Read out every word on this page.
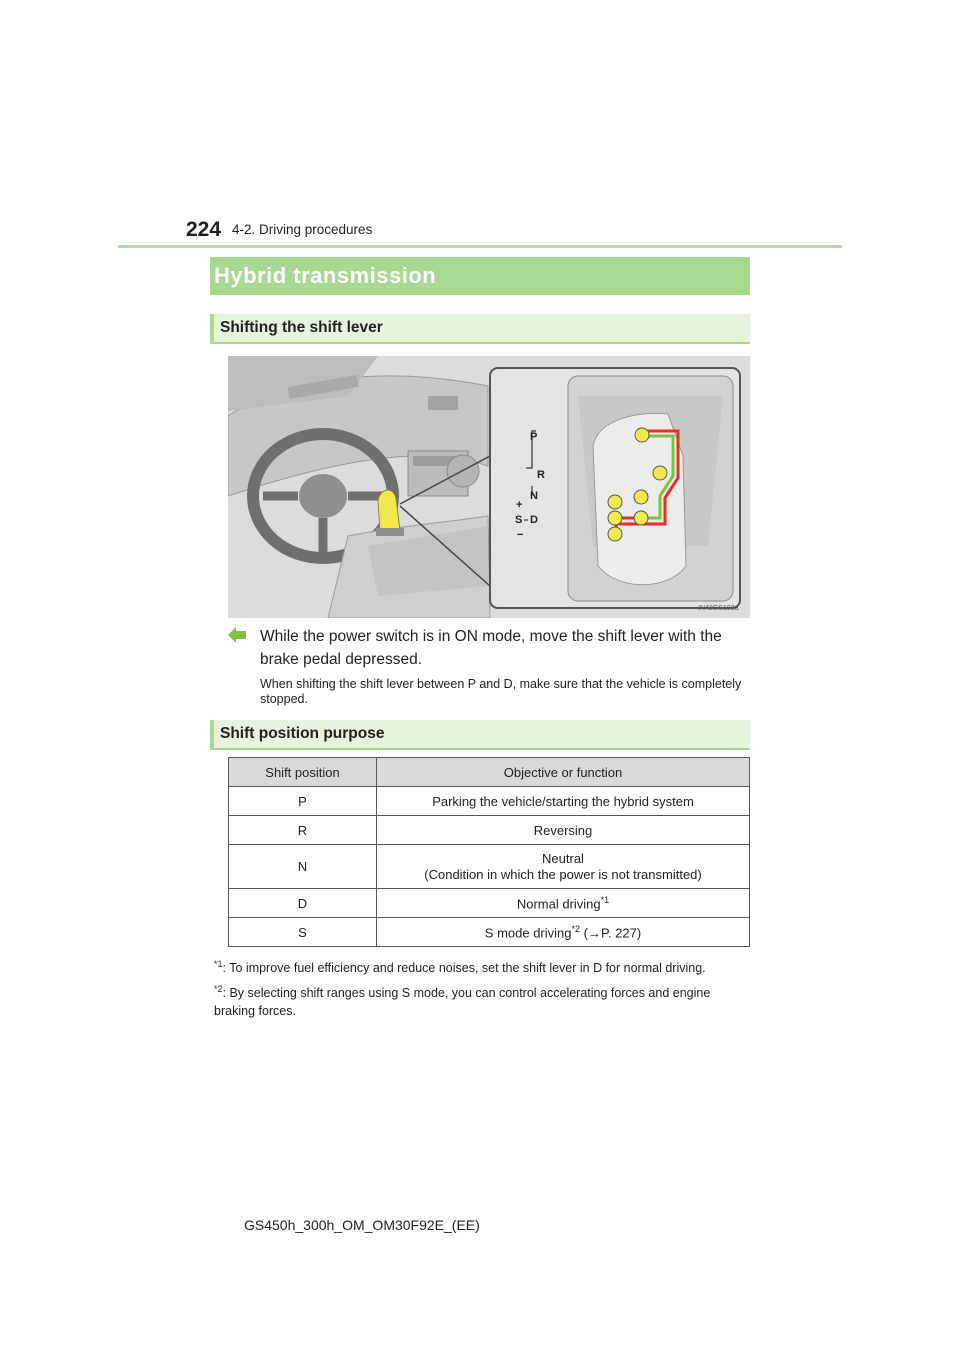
224 4-2. Driving procedures
Hybrid transmission
Shifting the shift lever
P
R
N
D
S
+
−
IN42GS193a
While the power switch is in ON mode, move the shift lever with the brake pedal depressed.
When shifting the shift lever between P and D, make sure that the vehicle is completely stopped.
Shift position purpose
Shift position	Objective or function
P	Parking the vehicle/starting the hybrid system
R	Reversing
N	Neutral
(Condition in which the power is not transmitted)
D	Normal driving$^{*1}$
S	S mode driving$^{*2}$ (→P. 227)
$^{*1}$: To improve fuel efficiency and reduce noises, set the shift lever in D for normal driving.
$^{*2}$: By selecting shift ranges using S mode, you can control accelerating forces and engine braking forces.
GS450h_300h_OM_OM30F92E_(EE)
